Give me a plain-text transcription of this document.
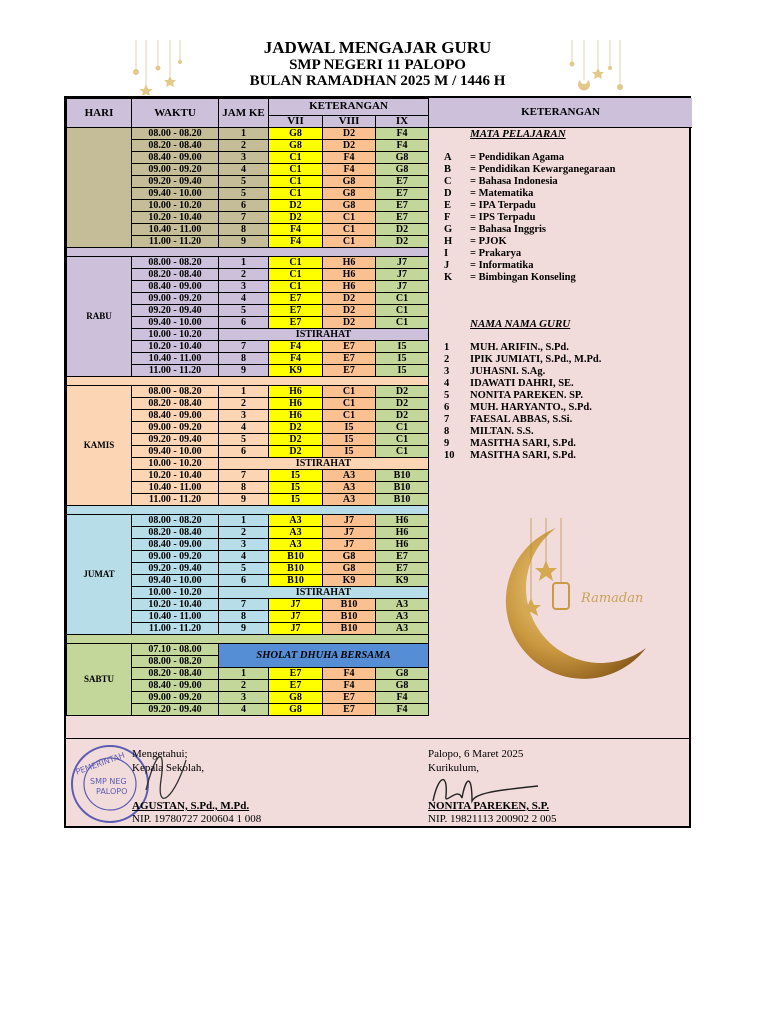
JADWAL MENGAJAR GURU
SMP NEGERI 11 PALOPO
BULAN RAMADHAN 2025 M / 1446 H
HARI	WAKTU	JAM KE	KETERANGAN		
			VII	VIII	IX
	08.00 - 08.20	1	G8	D2	F4
	08.20 - 08.40	2	G8	D2	F4
	08.40 - 09.00	3	C1	F4	G8
	09.00 - 09.20	4	C1	F4	G8
	09.20 - 09.40	5	C1	G8	E7
	09.40 - 10.00	5	C1	G8	E7
	10.00 - 10.20	6	D2	G8	E7
	10.20 - 10.40	7	D2	C1	E7
	10.40 - 11.00	8	F4	C1	D2
	11.00 - 11.20	9	F4	C1	D2

RABU	08.00 - 08.20	1	C1	H6	J7
	08.20 - 08.40	2	C1	H6	J7
	08.40 - 09.00	3	C1	H6	J7
	09.00 - 09.20	4	E7	D2	C1
	09.20 - 09.40	5	E7	D2	C1
	09.40 - 10.00	6	E7	D2	C1
	10.00 - 10.20	ISTIRAHAT			
	10.20 - 10.40	7	F4	E7	I5
	10.40 - 11.00	8	F4	E7	I5
	11.00 - 11.20	9	K9	E7	I5

KAMIS	08.00 - 08.20	1	H6	C1	D2
	08.20 - 08.40	2	H6	C1	D2
	08.40 - 09.00	3	H6	C1	D2
	09.00 - 09.20	4	D2	I5	C1
	09.20 - 09.40	5	D2	I5	C1
	09.40 - 10.00	6	D2	I5	C1
	10.00 - 10.20	ISTIRAHAT			
	10.20 - 10.40	7	I5	A3	B10
	10.40 - 11.00	8	I5	A3	B10
	11.00 - 11.20	9	I5	A3	B10

JUMAT	08.00 - 08.20	1	A3	J7	H6
	08.20 - 08.40	2	A3	J7	H6
	08.40 - 09.00	3	A3	J7	H6
	09.00 - 09.20	4	B10	G8	E7
	09.20 - 09.40	5	B10	G8	E7
	09.40 - 10.00	6	B10	K9	K9
	10.00 - 10.20	ISTIRAHAT			
	10.20 - 10.40	7	J7	B10	A3
	10.40 - 11.00	8	J7	B10	A3
	11.00 - 11.20	9	J7	B10	A3

SABTU	07.10 - 08.00	SHOLAT DHUHA BERSAMA			
	08.00 - 08.20				
	08.20 - 08.40	1	E7	F4	G8
	08.40 - 09.00	2	E7	F4	G8
	09.00 - 09.20	3	G8	E7	F4
	09.20 - 09.40	4	G8	E7	F4
KETERANGAN
MATA PELAJARAN
A	= Pendidikan Agama
B	= Pendidikan Kewarganegaraan
C	= Bahasa Indonesia
D	= Matematika
E	= IPA Terpadu
F	= IPS Terpadu
G	= Bahasa Inggris
H	= PJOK
I	= Prakarya
J	= Informatika
K	= Bimbingan Konseling
NAMA NAMA GURU
1	MUH. ARIFIN., S.Pd.
2	IPIK JUMIATI, S.Pd., M.Pd.
3	JUHASNI. S.Ag.
4	IDAWATI DAHRI, SE.
5	NONITA PAREKEN. SP.
6	MUH. HARYANTO., S.Pd.
7	FAESAL ABBAS, S.Si.
8	MILTAN. S.S.
9	MASITHA SARI, S.Pd.
10	MASITHA SARI, S.Pd.
Ramadan
PEMERINTAH
SMP NEG
PALOPO
Mengetahui;
Kepala Sekolah,
AGUSTAN, S.Pd., M.Pd.
NIP. 19780727 200604 1 008
Palopo, 6 Maret 2025
Kurikulum,
NONITA PAREKEN, S.P.
NIP. 19821113 200902 2 005
